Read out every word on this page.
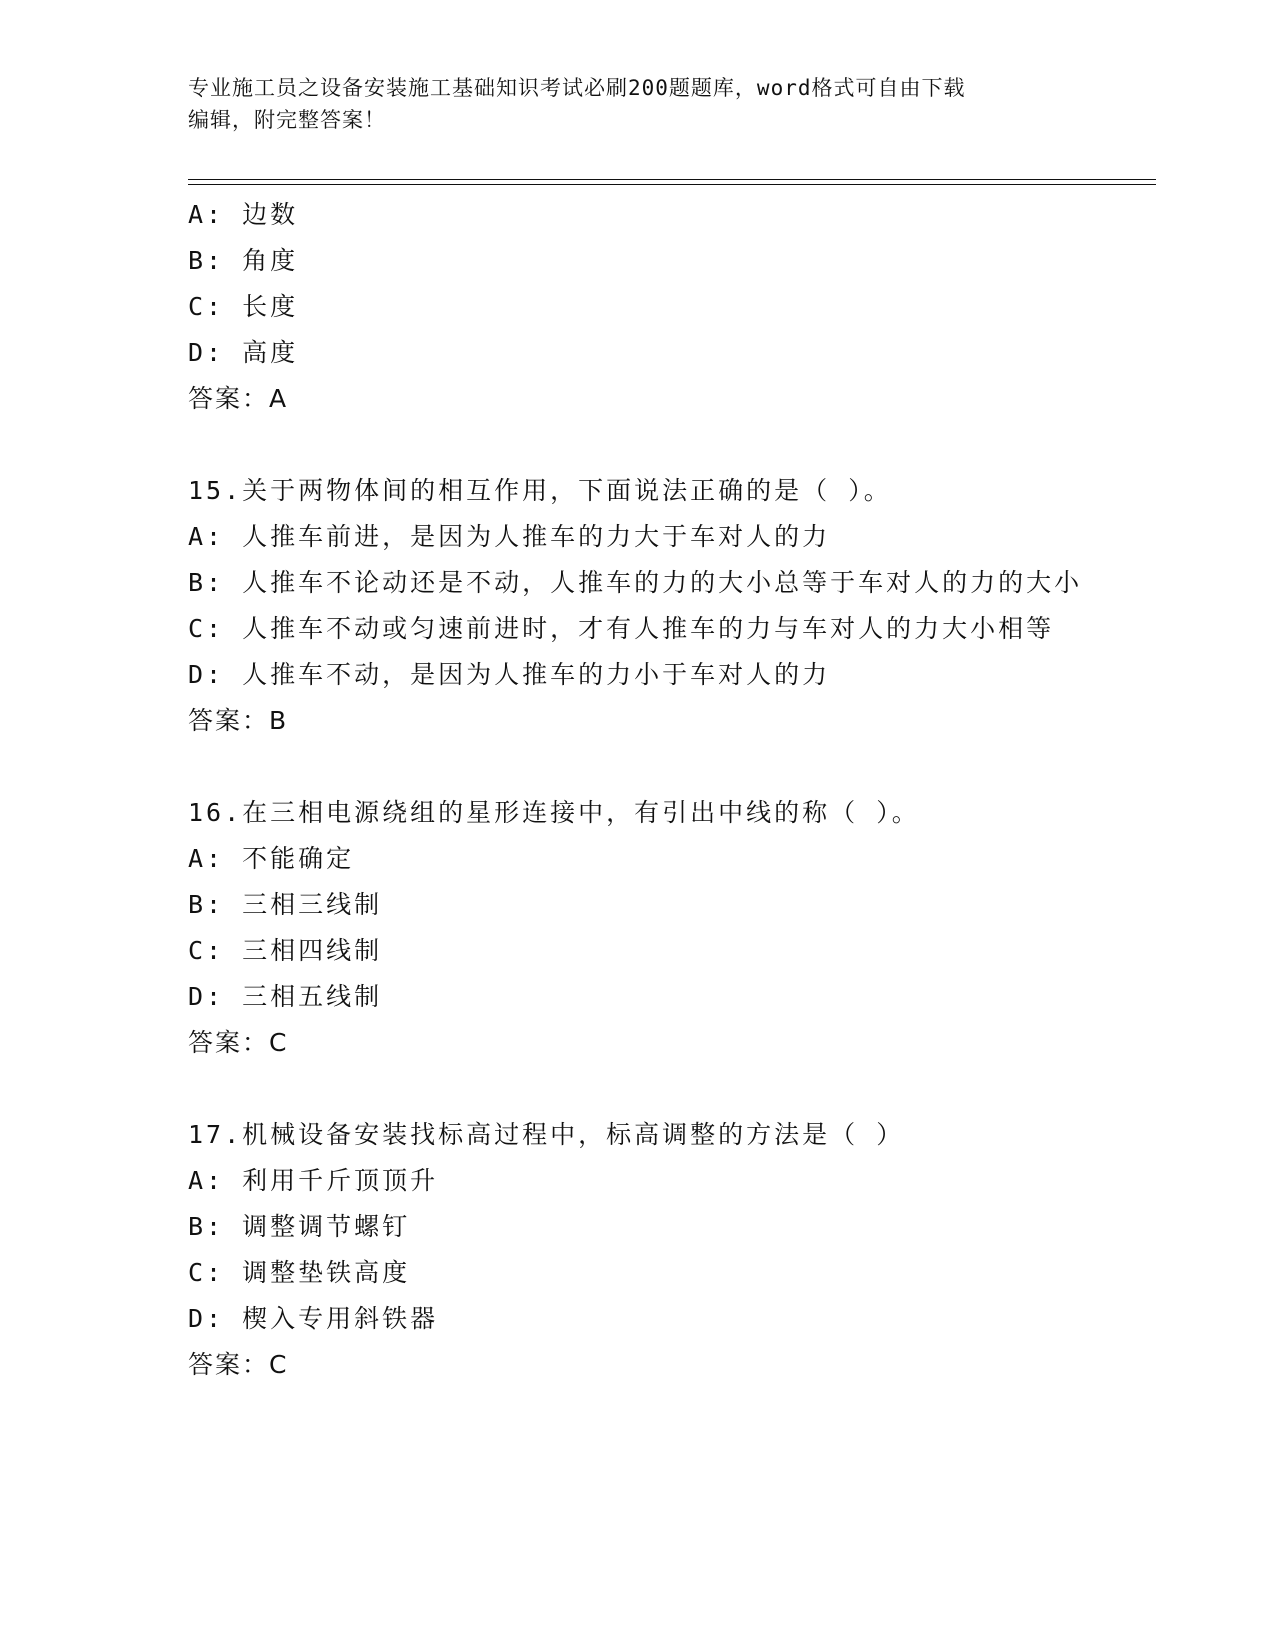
专业施工员之设备安装施工基础知识考试必刷200题题库，word格式可自由下载
编辑，附完整答案！
A: 边数
B: 角度
C: 长度
D: 高度
答案：A
15.关于两物体间的相互作用，下面说法正确的是（ ）。
A: 人推车前进，是因为人推车的力大于车对人的力
B: 人推车不论动还是不动，人推车的力的大小总等于车对人的力的大小
C: 人推车不动或匀速前进时，才有人推车的力与车对人的力大小相等
D: 人推车不动，是因为人推车的力小于车对人的力
答案：B
16.在三相电源绕组的星形连接中，有引出中线的称（ ）。
A: 不能确定
B: 三相三线制
C: 三相四线制
D: 三相五线制
答案：C
17.机械设备安装找标高过程中，标高调整的方法是（ ）
A: 利用千斤顶顶升
B: 调整调节螺钉
C: 调整垫铁高度
D: 楔入专用斜铁器
答案：C
